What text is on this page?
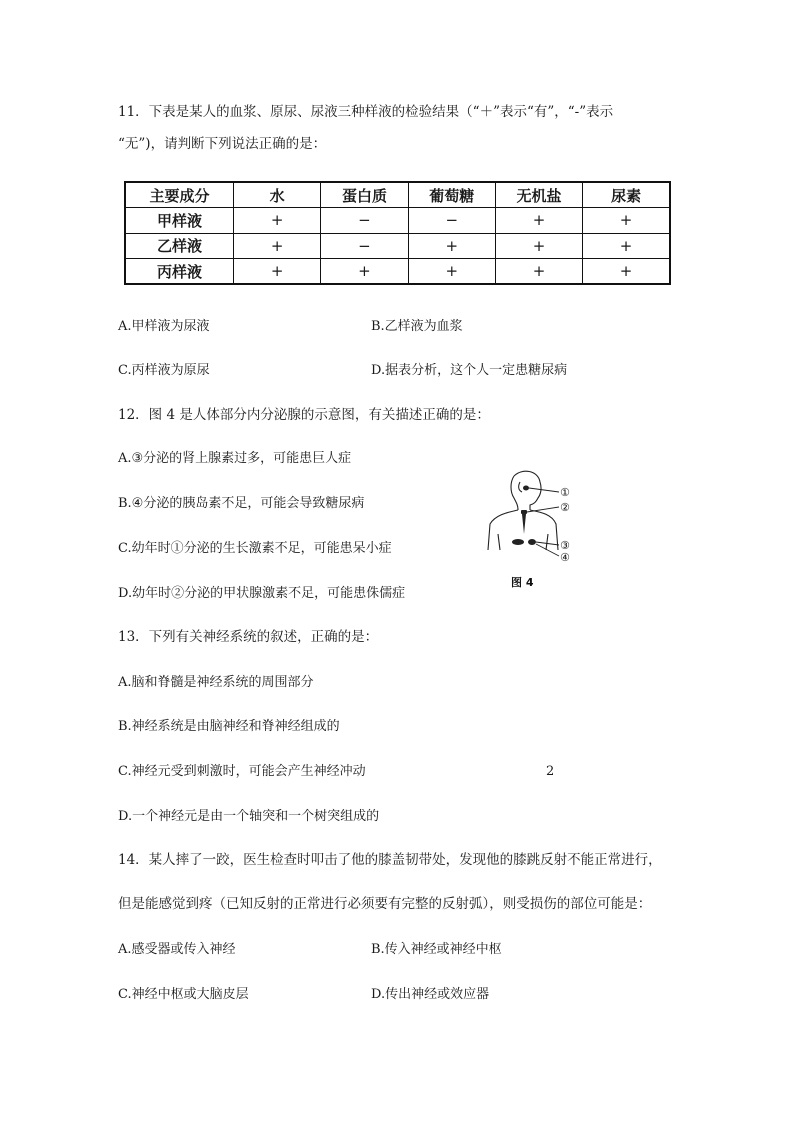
11．下表是某人的血浆、原尿、尿液三种样液的检验结果（“＋”表示“有”，“-”表示
“无”)，请判断下列说法正确的是：
主要成分	水	蛋白质	葡萄糖	无机盐	尿素
甲样液	+	−	−	+	+
乙样液	+	−	+	+	+
丙样液	+	+	+	+	+
A.甲样液为尿液	B.乙样液为血浆
C.丙样液为原尿	D.据表分析，这个人一定患糖尿病
12．图 4 是人体部分内分泌腺的示意图，有关描述正确的是：
A.③分泌的肾上腺素过多，可能患巨人症
B.④分泌的胰岛素不足，可能会导致糖尿病
C.幼年时①分泌的生长激素不足，可能患呆小症
D.幼年时②分泌的甲状腺激素不足，可能患侏儒症
①
②
③
④
图 4
13．下列有关神经系统的叙述，正确的是：
A.脑和脊髓是神经系统的周围部分
B.神经系统是由脑神经和脊神经组成的
C.神经元受到刺激时，可能会产生神经冲动	2
D.一个神经元是由一个轴突和一个树突组成的
14．某人摔了一跤，医生检查时叩击了他的膝盖韧带处，发现他的膝跳反射不能正常进行，
但是能感觉到疼（已知反射的正常进行必须要有完整的反射弧），则受损伤的部位可能是：
A.感受器或传入神经	B.传入神经或神经中枢
C.神经中枢或大脑皮层	D.传出神经或效应器
